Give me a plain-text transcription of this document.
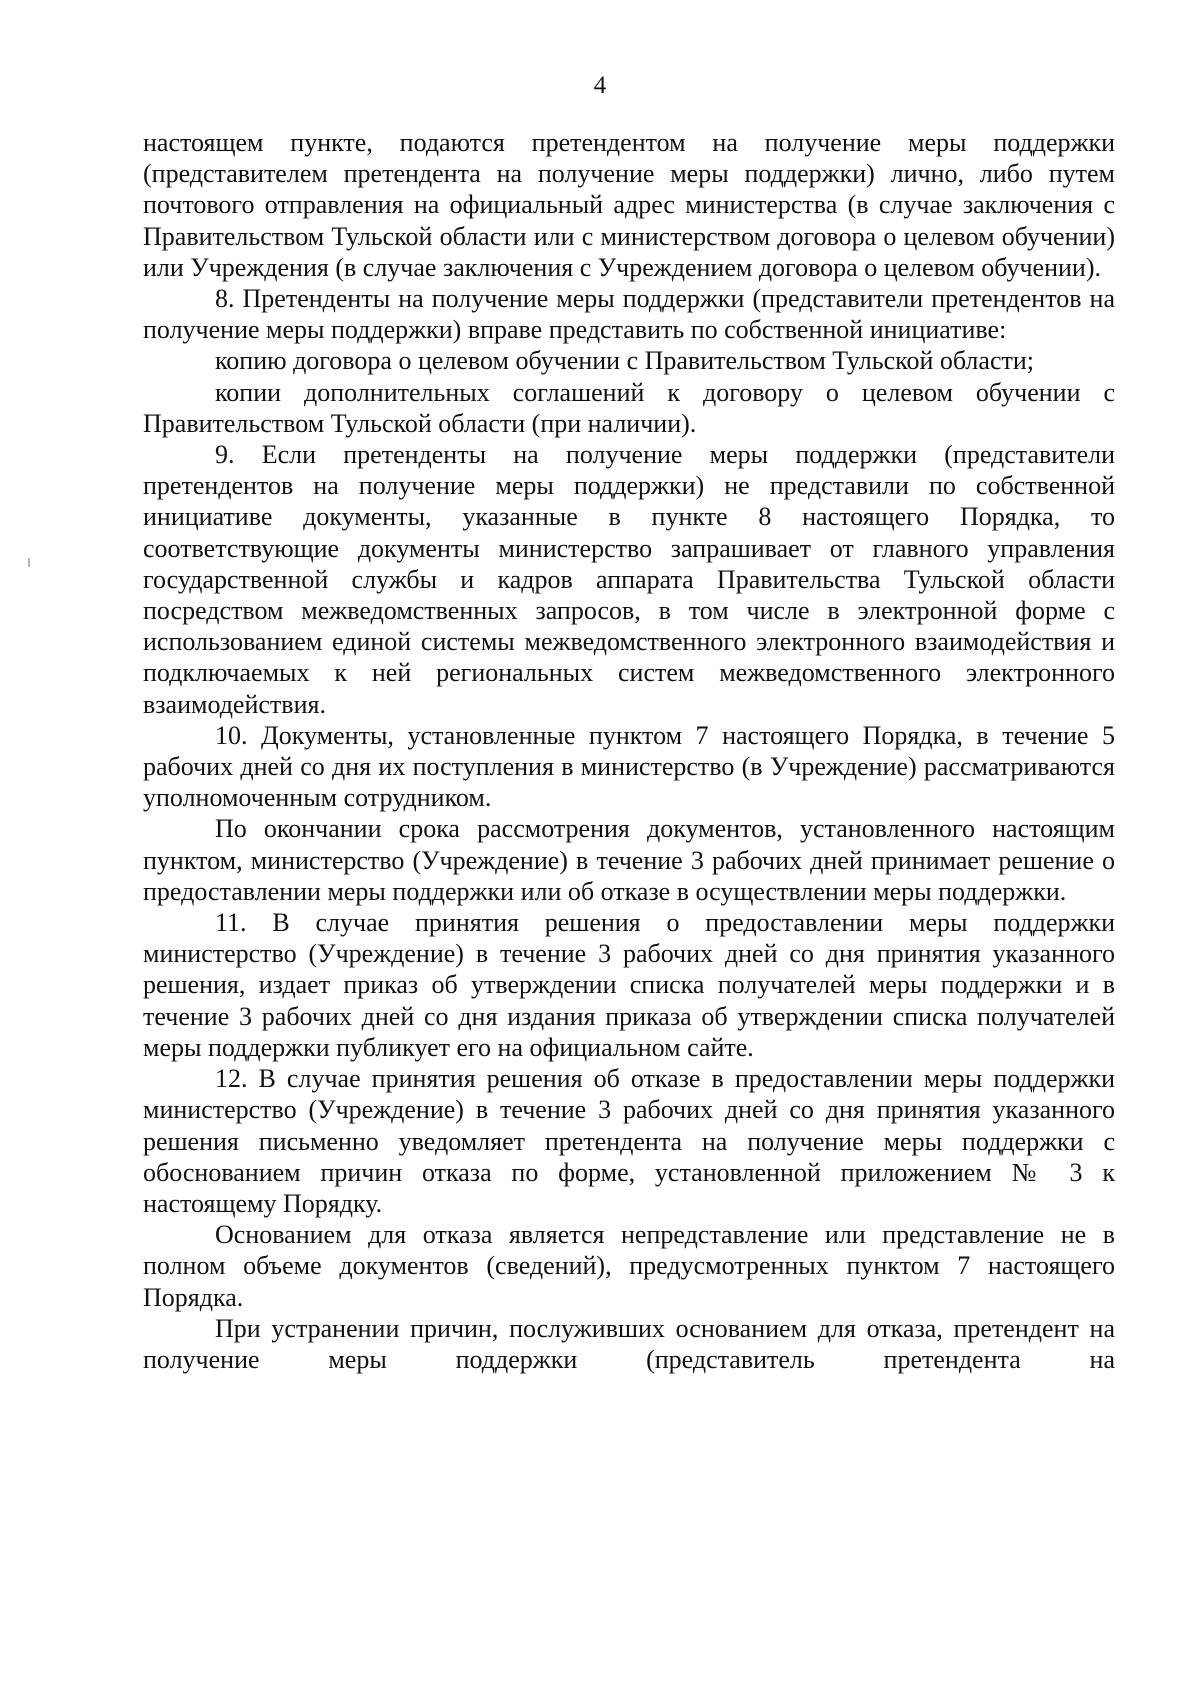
4

настоящем пункте, подаются претендентом на получение меры поддержки (представителем претендента на получение меры поддержки) лично, либо путем почтового отправления на официальный адрес министерства (в случае заключения с Правительством Тульской области или с министерством договора о целевом обучении) или Учреждения (в случае заключения с Учреждением договора о целевом обучении).

8. Претенденты на получение меры поддержки (представители претендентов на получение меры поддержки) вправе представить по собственной инициативе:

копию договора о целевом обучении с Правительством Тульской области;

копии дополнительных соглашений к договору о целевом обучении с Правительством Тульской области (при наличии).

9. Если претенденты на получение меры поддержки (представители претендентов на получение меры поддержки) не представили по собственной инициативе документы, указанные в пункте 8 настоящего Порядка, то соответствующие документы министерство запрашивает от главного управления государственной службы и кадров аппарата Правительства Тульской области посредством межведомственных запросов, в том числе в электронной форме с использованием единой системы межведомственного электронного взаимодействия и подключаемых к ней региональных систем межведомственного электронного взаимодействия.

10. Документы, установленные пунктом 7 настоящего Порядка, в течение 5 рабочих дней со дня их поступления в министерство (в Учреждение) рассматриваются уполномоченным сотрудником.

По окончании срока рассмотрения документов, установленного настоящим пунктом, министерство (Учреждение) в течение 3 рабочих дней принимает решение о предоставлении меры поддержки или об отказе в осуществлении меры поддержки.

11. В случае принятия решения о предоставлении меры поддержки министерство (Учреждение) в течение 3 рабочих дней со дня принятия указанного решения, издает приказ об утверждении списка получателей меры поддержки и в течение 3 рабочих дней со дня издания приказа об утверждении списка получателей меры поддержки публикует его на официальном сайте.

12. В случае принятия решения об отказе в предоставлении меры поддержки министерство (Учреждение) в течение 3 рабочих дней со дня принятия указанного решения письменно уведомляет претендента на получение меры поддержки с обоснованием причин отказа по форме, установленной приложением № 3 к настоящему Порядку.

Основанием для отказа является непредставление или представление не в полном объеме документов (сведений), предусмотренных пунктом 7 настоящего Порядка.

При устранении причин, послуживших основанием для отказа, претендент на получение меры поддержки (представитель претендента на
